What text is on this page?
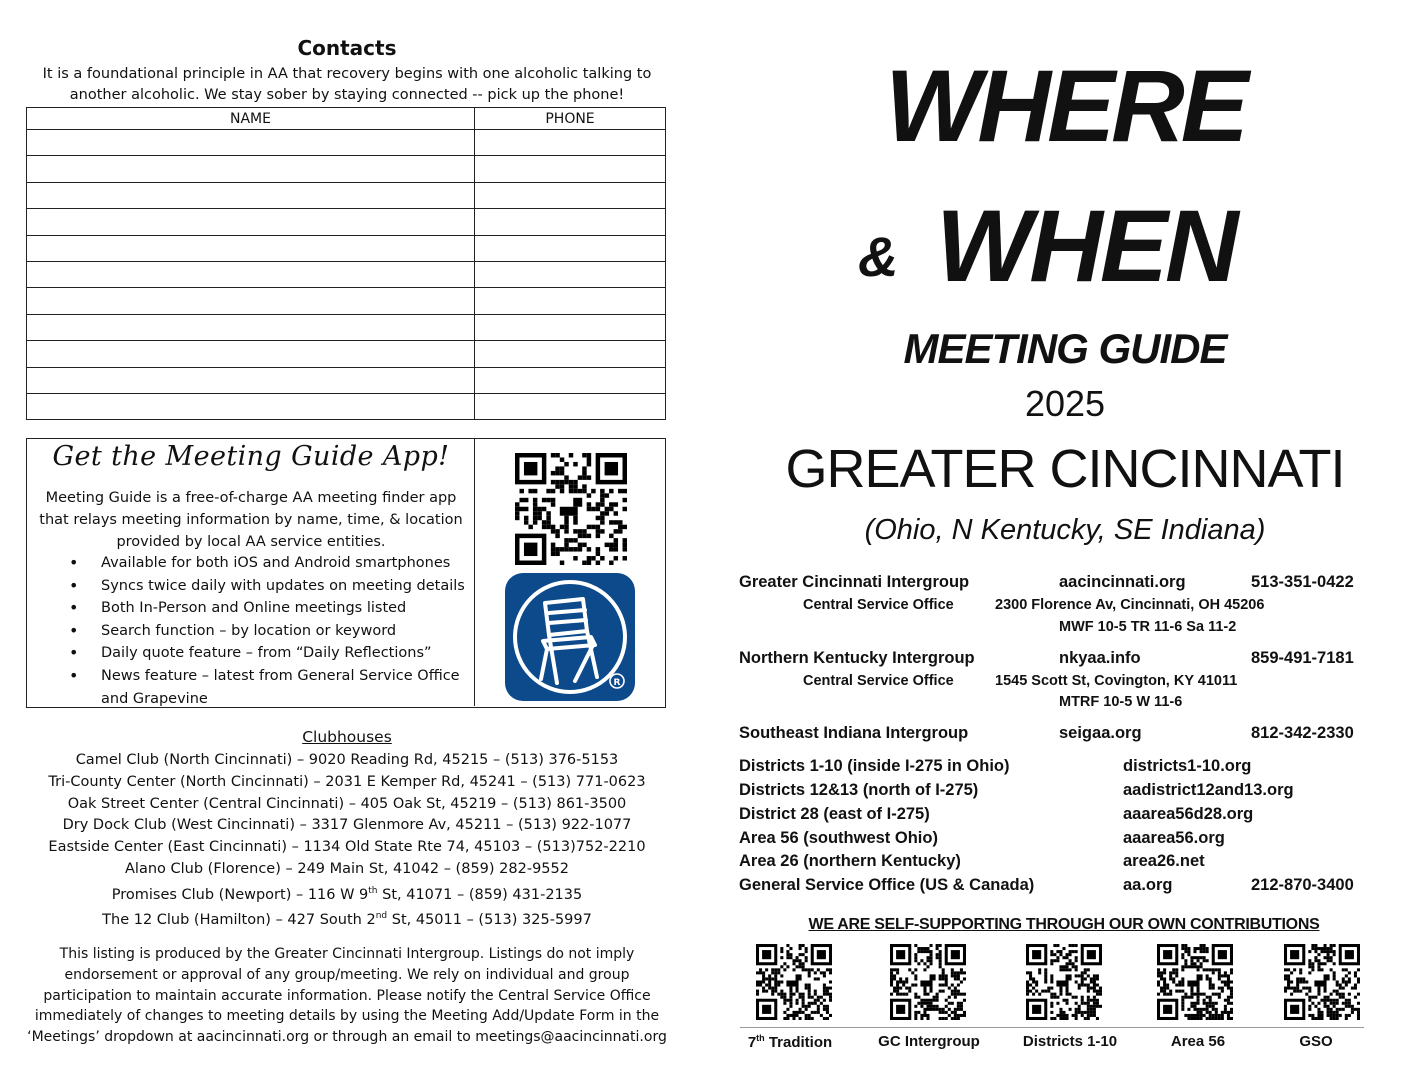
Contacts
It is a foundational principle in AA that recovery begins with one alcoholic talking to
another alcoholic. We stay sober by staying connected -- pick up the phone!
NAME	PHONE

Get the Meeting Guide App!
Meeting Guide is a free-of-charge AA meeting finder app that relays meeting information by name, time, & location provided by local AA service entities.
• Available for both iOS and Android smartphones
• Syncs twice daily with updates on meeting details
• Both In-Person and Online meetings listed
• Search function – by location or keyword
• Daily quote feature – from “Daily Reflections”
• News feature – latest from General Service Office and Grapevine
R
Clubhouses
Camel Club (North Cincinnati) – 9020 Reading Rd, 45215 – (513) 376-5153
Tri-County Center (North Cincinnati) – 2031 E Kemper Rd, 45241 – (513) 771-0623
Oak Street Center (Central Cincinnati) – 405 Oak St, 45219 – (513) 861-3500
Dry Dock Club (West Cincinnati) – 3317 Glenmore Av, 45211 – (513) 922-1077
Eastside Center (East Cincinnati) – 1134 Old State Rte 74, 45103 – (513)752-2210
Alano Club (Florence) – 249 Main St, 41042 – (859) 282-9552
Promises Club (Newport) – 116 W 9th St, 41071 – (859) 431-2135
The 12 Club (Hamilton) – 427 South 2nd St, 45011 – (513) 325-5997
This listing is produced by the Greater Cincinnati Intergroup. Listings do not imply endorsement or approval of any group/meeting. We rely on individual and group participation to maintain accurate information. Please notify the Central Service Office immediately of changes to meeting details by using the Meeting Add/Update Form in the ‘Meetings’ dropdown at aacincinnati.org or through an email to meetings@aacincinnati.org
WHERE
& WHEN
MEETING GUIDE
2025
GREATER CINCINNATI
(Ohio, N Kentucky, SE Indiana)
Greater Cincinnati Intergroup	aacincinnati.org	513-351-0422
Central Service Office	2300 Florence Av, Cincinnati, OH 45206
MWF 10-5 TR 11-6 Sa 11-2
Northern Kentucky Intergroup	nkyaa.info	859-491-7181
Central Service Office	1545 Scott St, Covington, KY 41011
MTRF 10-5 W 11-6
Southeast Indiana Intergroup	seigaa.org	812-342-2330
Districts 1-10 (inside I-275 in Ohio)	districts1-10.org
Districts 12&13 (north of I-275)	aadistrict12and13.org
District 28 (east of I-275)	aaarea56d28.org
Area 56 (southwest Ohio)	aaarea56.org
Area 26 (northern Kentucky)	area26.net
General Service Office (US & Canada)	aa.org	212-870-3400
WE ARE SELF-SUPPORTING THROUGH OUR OWN CONTRIBUTIONS
7th Tradition	GC Intergroup	Districts 1-10	Area 56	GSO
